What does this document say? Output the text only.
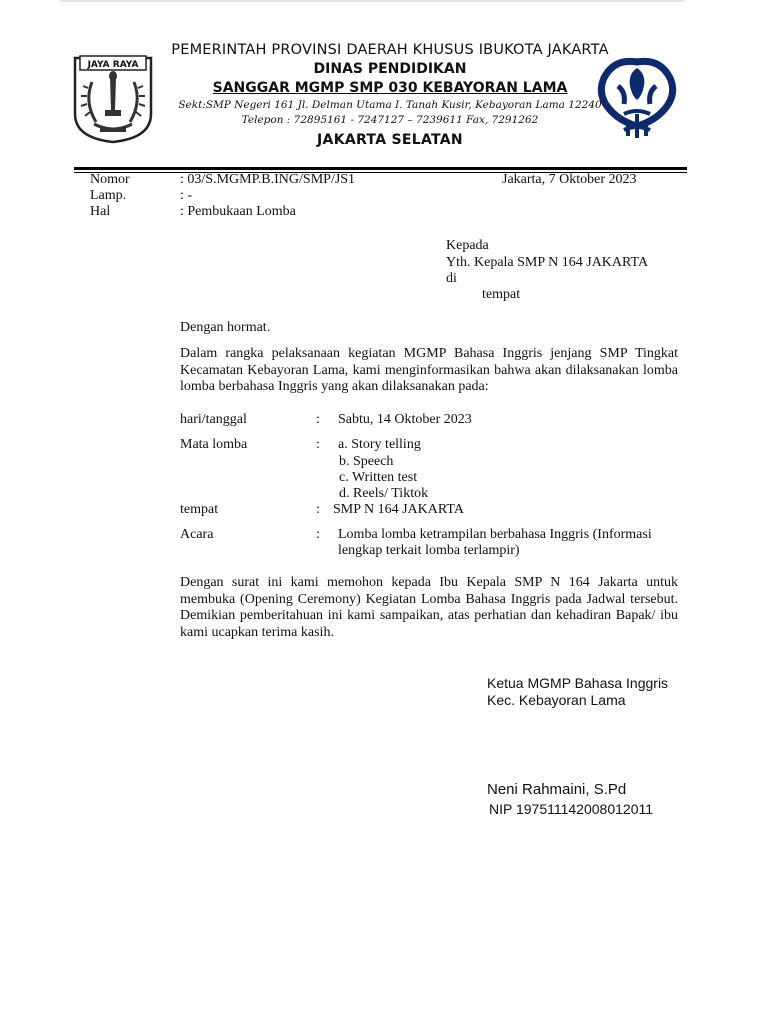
JAYA RAYA
PEMERINTAH PROVINSI DAERAH KHUSUS IBUKOTA JAKARTA
DINAS PENDIDIKAN
SANGGAR MGMP SMP 030 KEBAYORAN LAMA
Sekt:SMP Negeri 161 Jl. Delman Utama I. Tanah Kusir, Kebayoran Lama 12240
Telepon : 72895161 - 7247127 – 7239611 Fax, 7291262
JAKARTA SELATAN
Nomor	: 03/S.MGMP.B.ING/SMP/JS1	Jakarta, 7 Oktober 2023
Lamp.	: -
Hal	: Pembukaan Lomba
Kepada
Yth. Kepala SMP N 164 JAKARTA
di
tempat
Dengan hormat.
Dalam rangka pelaksanaan kegiatan MGMP Bahasa Inggris jenjang SMP Tingkat Kecamatan Kebayoran Lama, kami menginformasikan bahwa akan dilaksanakan lomba lomba berbahasa Inggris yang akan dilaksanakan pada:
hari/tanggal	: Sabtu, 14 Oktober 2023
Mata lomba	: a. Story telling
b. Speech
c. Written test
d. Reels/ Tiktok
tempat	: SMP N 164 JAKARTA
Acara	: Lomba lomba ketrampilan berbahasa Inggris (Informasi
lengkap terkait lomba terlampir)
Dengan surat ini kami memohon kepada Ibu Kepala SMP N 164 Jakarta untuk membuka (Opening Ceremony) Kegiatan Lomba Bahasa Inggris pada Jadwal tersebut. Demikian pemberitahuan ini kami sampaikan, atas perhatian dan kehadiran Bapak/ ibu kami ucapkan terima kasih.
Ketua MGMP Bahasa Inggris
Kec. Kebayoran Lama
Neni Rahmaini, S.Pd
NIP 197511142008012011
